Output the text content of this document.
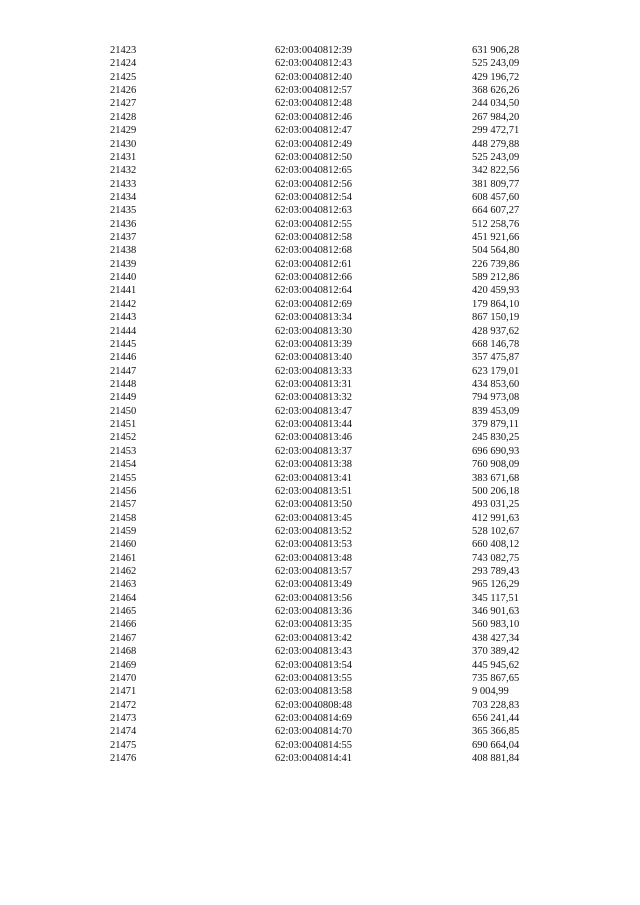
21423	62:03:0040812:39	631 906,28
21424	62:03:0040812:43	525 243,09
21425	62:03:0040812:40	429 196,72
21426	62:03:0040812:57	368 626,26
21427	62:03:0040812:48	244 034,50
21428	62:03:0040812:46	267 984,20
21429	62:03:0040812:47	299 472,71
21430	62:03:0040812:49	448 279,88
21431	62:03:0040812:50	525 243,09
21432	62:03:0040812:65	342 822,56
21433	62:03:0040812:56	381 809,77
21434	62:03:0040812:54	608 457,60
21435	62:03:0040812:63	664 607,27
21436	62:03:0040812:55	512 258,76
21437	62:03:0040812:58	451 921,66
21438	62:03:0040812:68	504 564,80
21439	62:03:0040812:61	226 739,86
21440	62:03:0040812:66	589 212,86
21441	62:03:0040812:64	420 459,93
21442	62:03:0040812:69	179 864,10
21443	62:03:0040813:34	867 150,19
21444	62:03:0040813:30	428 937,62
21445	62:03:0040813:39	668 146,78
21446	62:03:0040813:40	357 475,87
21447	62:03:0040813:33	623 179,01
21448	62:03:0040813:31	434 853,60
21449	62:03:0040813:32	794 973,08
21450	62:03:0040813:47	839 453,09
21451	62:03:0040813:44	379 879,11
21452	62:03:0040813:46	245 830,25
21453	62:03:0040813:37	696 690,93
21454	62:03:0040813:38	760 908,09
21455	62:03:0040813:41	383 671,68
21456	62:03:0040813:51	500 206,18
21457	62:03:0040813:50	493 031,25
21458	62:03:0040813:45	412 991,63
21459	62:03:0040813:52	528 102,67
21460	62:03:0040813:53	660 408,12
21461	62:03:0040813:48	743 082,75
21462	62:03:0040813:57	293 789,43
21463	62:03:0040813:49	965 126,29
21464	62:03:0040813:56	345 117,51
21465	62:03:0040813:36	346 901,63
21466	62:03:0040813:35	560 983,10
21467	62:03:0040813:42	438 427,34
21468	62:03:0040813:43	370 389,42
21469	62:03:0040813:54	445 945,62
21470	62:03:0040813:55	735 867,65
21471	62:03:0040813:58	9 004,99
21472	62:03:0040808:48	703 228,83
21473	62:03:0040814:69	656 241,44
21474	62:03:0040814:70	365 366,85
21475	62:03:0040814:55	690 664,04
21476	62:03:0040814:41	408 881,84
